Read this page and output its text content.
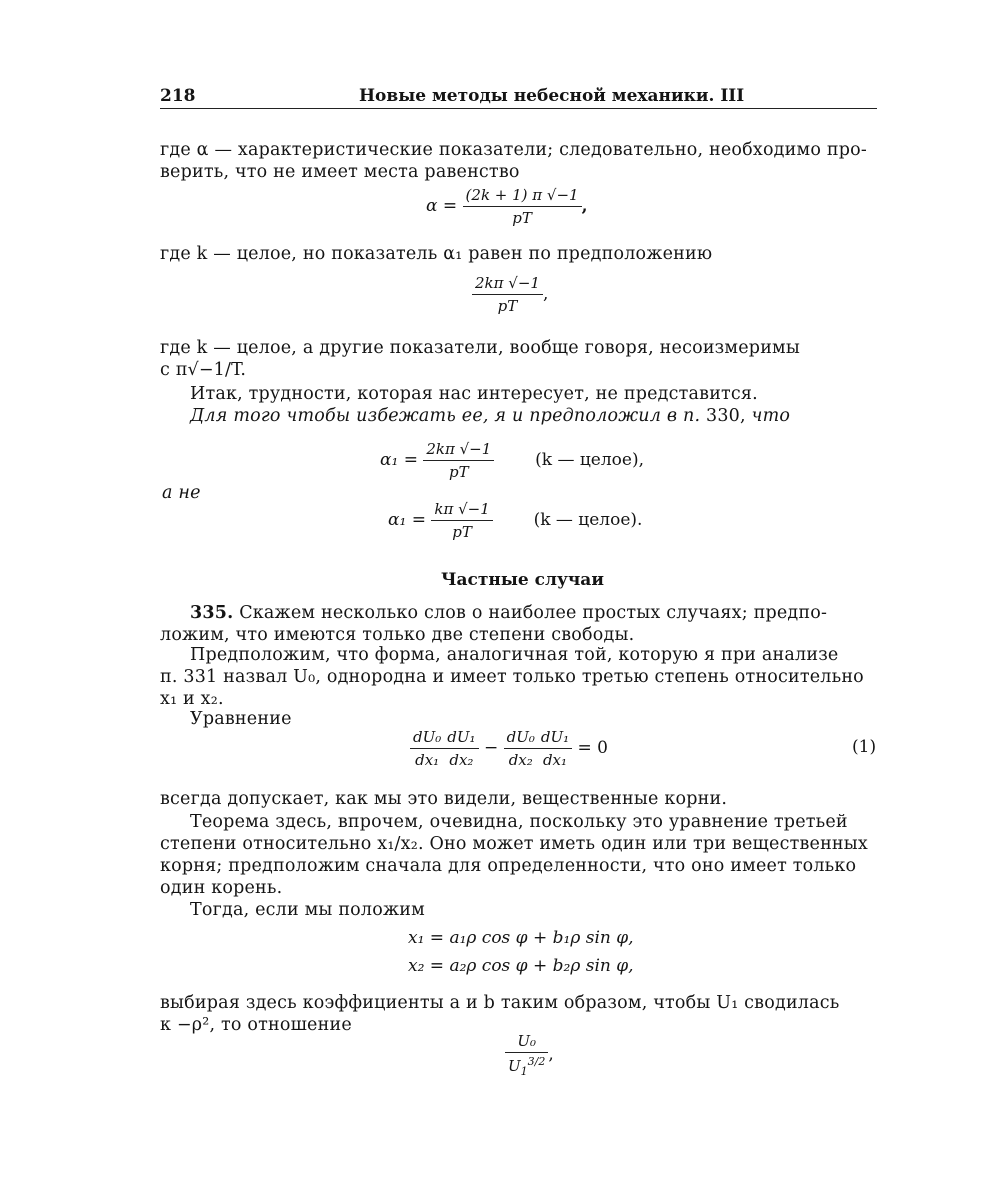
218	Новые методы небесной механики. III
где α — характеристические показатели; следовательно, необходимо про-
верить, что не имеет места равенство
$\alpha = \frac{(2k + 1) \pi √-1}{pT}$ ,
где k — целое, но показатель α₁ равен по предположению
$\frac{2k\pi √-1}{pT}$ ,
где k — целое, а другие показатели, вообще говоря, несоизмеримы
с π√−1/T.
Итак, трудности, которая нас интересует, не представится.
Для того чтобы избежать ее, я и предположил в п. 330, что
$\alpha_1 = \frac{2k\pi √-1}{pT} (k$ — целое),
а не
$\alpha_1 = \frac{k\pi √-1}{pT} (k$ — целое).
Частные случаи
335. Скажем несколько слов о наиболее простых случаях; предпо-
ложим, что имеются только две степени свободы.
Предположим, что форма, аналогичная той, которую я при анализе
п. 331 назвал U₀, однородна и имеет только третью степень относительно
x₁ и x₂.
Уравнение
$\frac{\text{dU₀}}{\text{dx₁}} \frac{\text{dU₁}}{\text{dx₂}} - \frac{\text{dU₀}}{\text{dx₂}} \frac{\text{dU₁}}{\text{dx₁}} = 0$	(1)
всегда допускает, как мы это видели, вещественные корни.
Теорема здесь, впрочем, очевидна, поскольку это уравнение третьей
степени относительно x₁/x₂. Оно может иметь один или три вещественных
корня; предположим сначала для определенности, что оно имеет только
один корень.
Тогда, если мы положим
x₁ = a₁ρ cos φ + b₁ρ sin φ,
x₂ = a₂ρ cos φ + b₂ρ sin φ,
выбирая здесь коэффициенты a и b таким образом, чтобы U₁ сводилась
к −ρ², то отношение
$\frac{\text{U₀}}{U_1^{3/2}}$ ,
